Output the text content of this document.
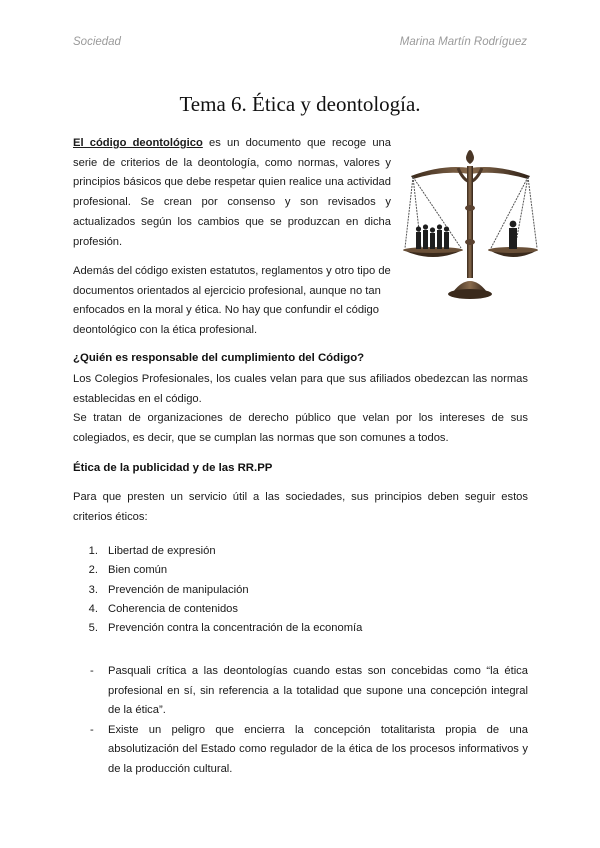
Sociedad	Marina Martín Rodríguez
Tema 6. Ética y deontología.
El código deontológico es un documento que recoge una serie de criterios de la deontología, como normas, valores y principios básicos que debe respetar quien realice una actividad profesional. Se crean por consenso y son revisados y actualizados según los cambios que se produzcan en dicha profesión.
Además del código existen estatutos, reglamentos y otro tipo de documentos orientados al ejercicio profesional, aunque no tan enfocados en la moral y ética. No hay que confundir el código deontológico con la ética profesional.
¿Quién es responsable del cumplimiento del Código?
Los Colegios Profesionales, los cuales velan para que sus afiliados obedezcan las normas establecidas en el código.
Se tratan de organizaciones de derecho público que velan por los intereses de sus colegiados, es decir, que se cumplan las normas que son comunes a todos.
Ética de la publicidad y de las RR.PP
Para que presten un servicio útil a las sociedades, sus principios deben seguir estos criterios éticos:
1. Libertad de expresión
2. Bien común
3. Prevención de manipulación
4. Coherencia de contenidos
5. Prevención contra la concentración de la economía
-	Pasquali crítica a las deontologías cuando estas son concebidas como “la ética profesional en sí, sin referencia a la totalidad que supone una concepción integral de la ética”.
-	Existe un peligro que encierra la concepción totalitarista propia de una absolutización del Estado como regulador de la ética de los procesos informativos y de la producción cultural.
